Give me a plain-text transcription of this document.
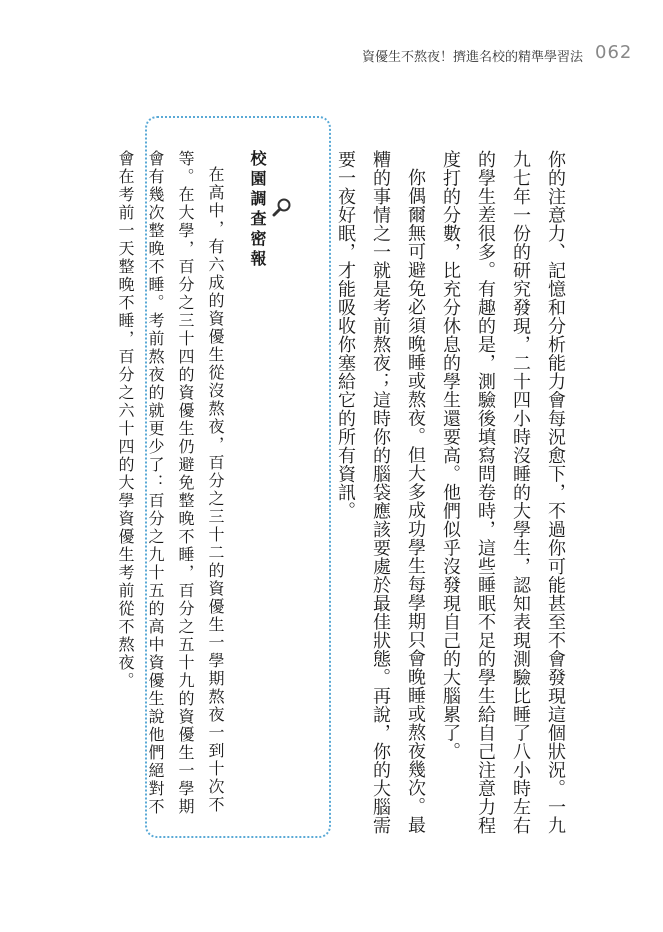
資優生不熬夜！擠進名校的精準學習法 062

你的注意力、記憶和分析能力會每況愈下，不過你可能甚至不會發現這個狀況。一九九七年一份的研究發現，二十四小時沒睡的大學生，認知表現測驗比睡了八小時左右的學生差很多。有趣的是，測驗後填寫問卷時，這些睡眠不足的學生給自己注意力程度打的分數，比充分休息的學生還要高。他們似乎沒發現自己的大腦累了。

你偶爾無可避免必須晚睡或熬夜。但大多成功學生每學期只會晚睡或熬夜幾次。最糟的事情之一就是考前熬夜；這時你的腦袋應該要處於最佳狀態。再說，你的大腦需要一夜好眠，才能吸收你塞給它的所有資訊。

校園調查密報

在高中，有六成的資優生從沒熬夜，百分之三十二的資優生一學期熬夜一到十次不等。在大學，百分之三十四的資優生仍避免整晚不睡，百分之五十九的資優生一學期會有幾次整晚不睡。考前熬夜的就更少了：百分之九十五的高中資優生說他們絕對不會在考前一天整晚不睡，百分之六十四的大學資優生考前從不熬夜。
